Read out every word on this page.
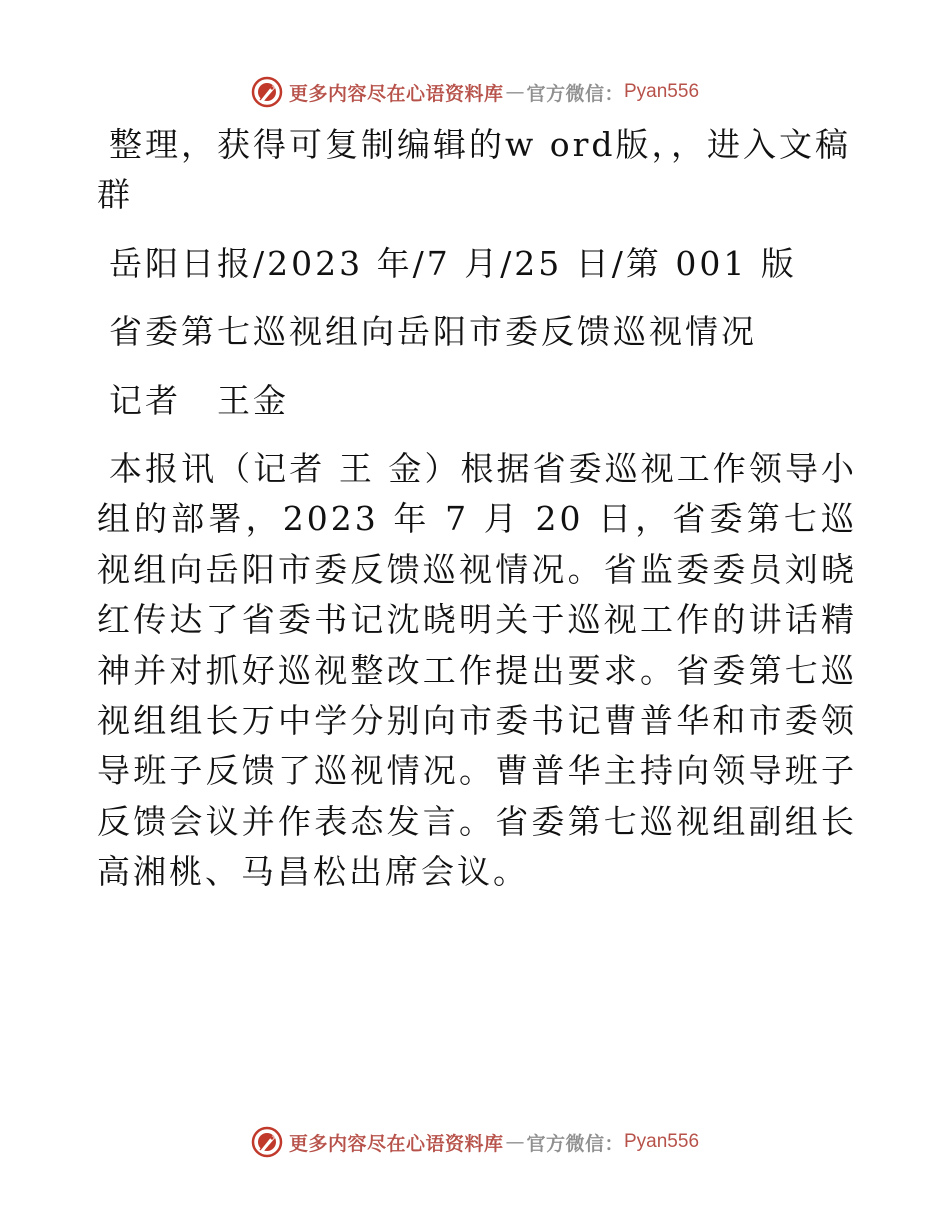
更多内容尽在心语资料库 — 官方微信： Pyan556

整理，获得可复制编辑的w ord版，，进入文稿群

岳阳日报/2023 年/7 月/25 日/第 001 版

省委第七巡视组向岳阳市委反馈巡视情况

记者　王金

本报讯（记者 王 金）根据省委巡视工作领导小组的部署，2023 年 7 月 20 日，省委第七巡视组向岳阳市委反馈巡视情况。省监委委员刘晓红传达了省委书记沈晓明关于巡视工作的讲话精神并对抓好巡视整改工作提出要求。省委第七巡视组组长万中学分别向市委书记曹普华和市委领导班子反馈了巡视情况。曹普华主持向领导班子反馈会议并作表态发言。省委第七巡视组副组长高湘桃、马昌松出席会议。

更多内容尽在心语资料库 — 官方微信： Pyan556
